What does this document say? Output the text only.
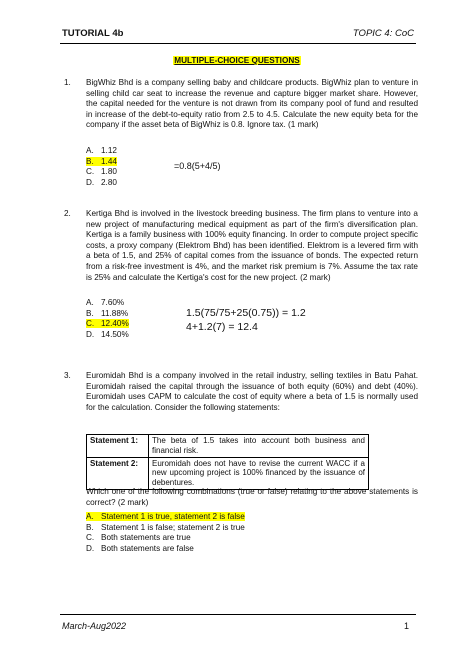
TUTORIAL 4b	TOPIC 4: CoC
MULTIPLE-CHOICE QUESTIONS
1. BigWhiz Bhd is a company selling baby and childcare products. BigWhiz plan to venture in selling child car seat to increase the revenue and capture bigger market share. However, the capital needed for the venture is not drawn from its company pool of fund and resulted in increase of the debt-to-equity ratio from 2.5 to 4.5. Calculate the new equity beta for the company if the asset beta of BigWhiz is 0.8. Ignore tax. (1 mark)
A. 1.12
B. 1.44
C. 1.80
D. 2.80
=0.8(5+4/5)
2. Kertiga Bhd is involved in the livestock breeding business. The firm plans to venture into a new project of manufacturing medical equipment as part of the firm's diversification plan. Kertiga is a family business with 100% equity financing. In order to compute project specific costs, a proxy company (Elektrom Bhd) has been identified. Elektrom is a levered firm with a beta of 1.5, and 25% of capital comes from the issuance of bonds. The expected return from a risk-free investment is 4%, and the market risk premium is 7%. Assume the tax rate is 25% and calculate the Kertiga's cost for the new project. (2 mark)
A. 7.60%
B. 11.88%
C. 12.40%
D. 14.50%
1.5(75/75+25(0.75)) = 1.2
4+1.2(7) = 12.4
3. Euromidah Bhd is a company involved in the retail industry, selling textiles in Batu Pahat. Euromidah raised the capital through the issuance of both equity (60%) and debt (40%). Euromidah uses CAPM to calculate the cost of equity where a beta of 1.5 is normally used for the calculation. Consider the following statements:
Statement 1:	The beta of 1.5 takes into account both business and financial risk.
Statement 2:	Euromidah does not have to revise the current WACC if a new upcoming project is 100% financed by the issuance of debentures.
Which one of the following combinations (true or false) relating to the above statements is correct? (2 mark)
A. Statement 1 is true, statement 2 is false
B. Statement 1 is false; statement 2 is true
C. Both statements are true
D. Both statements are false
March-Aug2022	1
